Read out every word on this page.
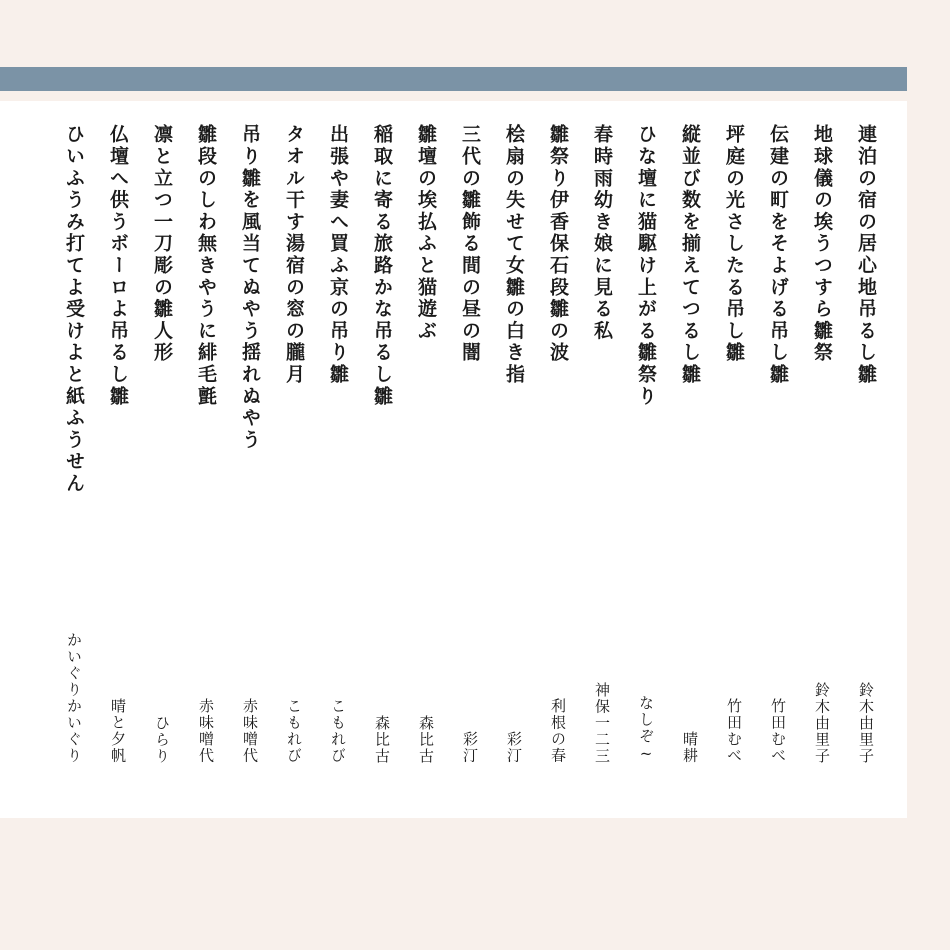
連泊の宿の居心地吊るし雛
鈴木由里子
地球儀の埃うつすら雛祭
鈴木由里子
伝建の町をそよげる吊し雛
竹田むべ
坪庭の光さしたる吊し雛
竹田むべ
縦並び数を揃えてつるし雛
晴耕
ひな壇に猫駆け上がる雛祭り
なしぞ~
春時雨幼き娘に見る私
神保一二三
雛祭り伊香保石段雛の波
利根の春
桧扇の失せて女雛の白き指
彩汀
三代の雛飾る間の昼の闇
彩汀
雛壇の埃払ふと猫遊ぶ
森比古
稲取に寄る旅路かな吊るし雛
森比古
出張や妻へ買ふ京の吊り雛
こもれび
タオル干す湯宿の窓の朧月
こもれび
吊り雛を風当てぬやう揺れぬやう
赤味噌代
雛段のしわ無きやうに緋毛氈
赤味噌代
凛と立つ一刀彫の雛人形
ひらり
仏壇へ供うボーロよ吊るし雛
晴と夕帆
ひいふうみ打てよ受けよと紙ふうせん
かいぐりかいぐり
